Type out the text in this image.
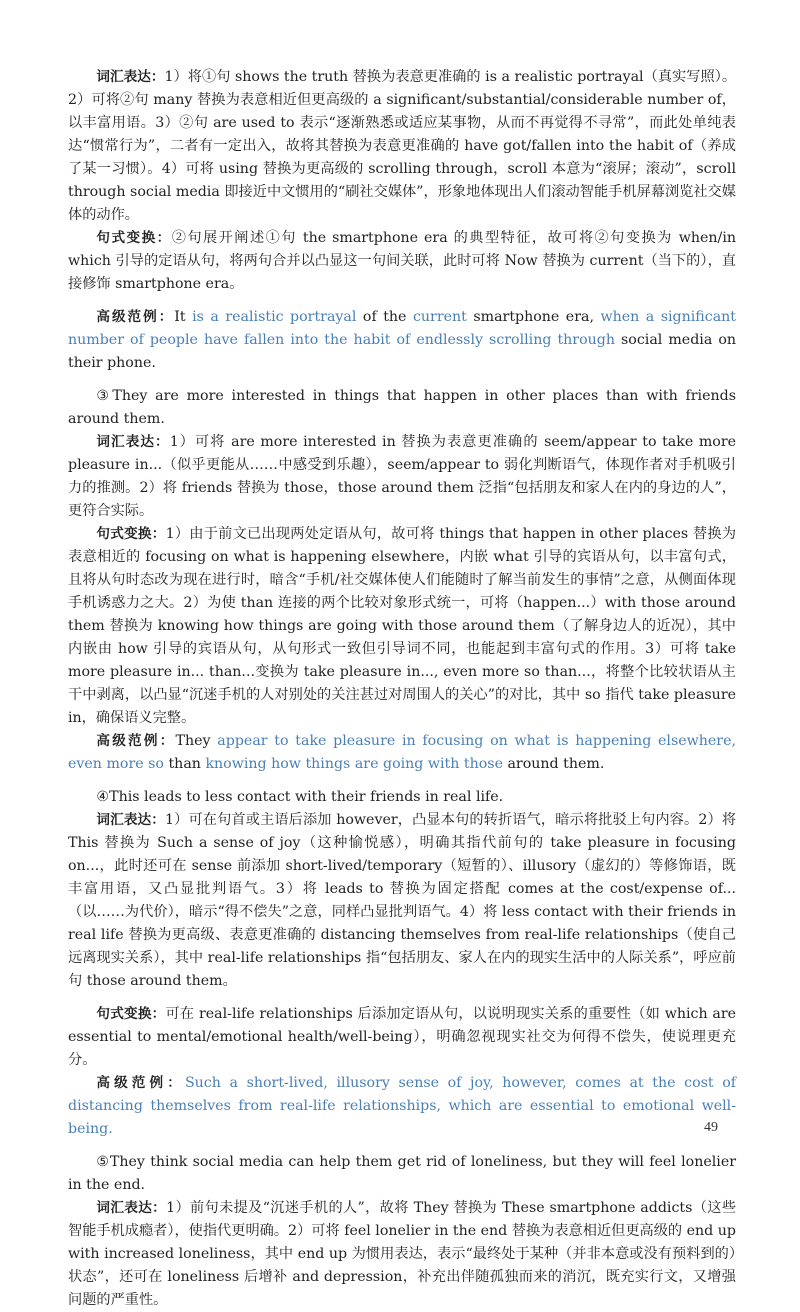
词汇表达：1）将①句 shows the truth 替换为表意更准确的 is a realistic portrayal（真实写照）。2）可将②句 many 替换为表意相近但更高级的 a significant/substantial/considerable number of，以丰富用语。3）②句 are used to 表示“逐渐熟悉或适应某事物，从而不再觉得不寻常”，而此处单纯表达“惯常行为”，二者有一定出入，故将其替换为表意更准确的 have got/fallen into the habit of（养成了某一习惯）。4）可将 using 替换为更高级的 scrolling through，scroll 本意为“滚屏；滚动”，scroll through social media 即接近中文惯用的“刷社交媒体”，形象地体现出人们滚动智能手机屏幕浏览社交媒体的动作。

句式变换：②句展开阐述①句 the smartphone era 的典型特征，故可将②句变换为 when/in which 引导的定语从句，将两句合并以凸显这一句间关联，此时可将 Now 替换为 current（当下的），直接修饰 smartphone era。

高级范例：It is a realistic portrayal of the current smartphone era, when a significant number of people have fallen into the habit of endlessly scrolling through social media on their phone.

③They are more interested in things that happen in other places than with friends around them.

词汇表达：1）可将 are more interested in 替换为表意更准确的 seem/appear to take more pleasure in...（似乎更能从……中感受到乐趣），seem/appear to 弱化判断语气，体现作者对手机吸引力的推测。2）将 friends 替换为 those，those around them 泛指“包括朋友和家人在内的身边的人”，更符合实际。

句式变换：1）由于前文已出现两处定语从句，故可将 things that happen in other places 替换为表意相近的 focusing on what is happening elsewhere，内嵌 what 引导的宾语从句，以丰富句式，且将从句时态改为现在进行时，暗含“手机/社交媒体使人们能随时了解当前发生的事情”之意，从侧面体现手机诱惑力之大。2）为使 than 连接的两个比较对象形式统一，可将（happen...）with those around them 替换为 knowing how things are going with those around them（了解身边人的近况），其中内嵌由 how 引导的宾语从句，从句形式一致但引导词不同，也能起到丰富句式的作用。3）可将 take more pleasure in... than...变换为 take pleasure in..., even more so than...，将整个比较状语从主干中剥离，以凸显“沉迷手机的人对别处的关注甚过对周围人的关心”的对比，其中 so 指代 take pleasure in，确保语义完整。

高级范例：They appear to take pleasure in focusing on what is happening elsewhere, even more so than knowing how things are going with those around them.

④This leads to less contact with their friends in real life.

词汇表达：1）可在句首或主语后添加 however，凸显本句的转折语气，暗示将批驳上句内容。2）将 This 替换为 Such a sense of joy（这种愉悦感），明确其指代前句的 take pleasure in focusing on...，此时还可在 sense 前添加 short-lived/temporary（短暂的）、illusory（虚幻的）等修饰语，既丰富用语，又凸显批判语气。3）将 leads to 替换为固定搭配 comes at the cost/expense of...（以……为代价），暗示“得不偿失”之意，同样凸显批判语气。4）将 less contact with their friends in real life 替换为更高级、表意更准确的 distancing themselves from real-life relationships（使自己远离现实关系），其中 real-life relationships 指“包括朋友、家人在内的现实生活中的人际关系”，呼应前句 those around them。

句式变换：可在 real-life relationships 后添加定语从句，以说明现实关系的重要性（如 which are essential to mental/emotional health/well-being），明确忽视现实社交为何得不偿失，使说理更充分。

高级范例：Such a short-lived, illusory sense of joy, however, comes at the cost of distancing themselves from real-life relationships, which are essential to emotional well-being.

⑤They think social media can help them get rid of loneliness, but they will feel lonelier in the end.

词汇表达：1）前句未提及“沉迷手机的人”，故将 They 替换为 These smartphone addicts（这些智能手机成瘾者），使指代更明确。2）可将 feel lonelier in the end 替换为表意相近但更高级的 end up with increased loneliness，其中 end up 为惯用表达，表示“最终处于某种（并非本意或没有预料到的）状态”，还可在 loneliness 后增补 and depression，补充出伴随孤独而来的消沉，既充实行文，又增强问题的严重性。

49
